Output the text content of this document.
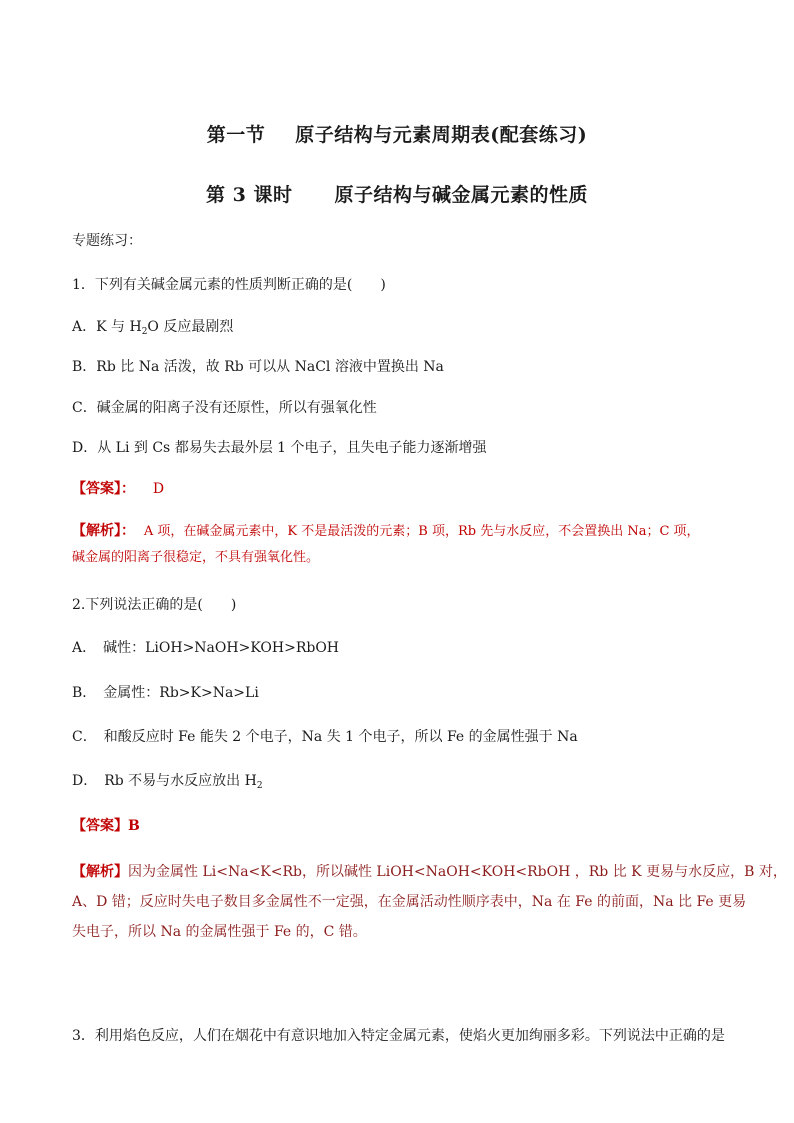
第一节 原子结构与元素周期表(配套练习)
第 3 课时 原子结构与碱金属元素的性质
专题练习：
1．下列有关碱金属元素的性质判断正确的是(　　)
A．K 与 $H_2O$ 反应最剧烈
B．Rb 比 Na 活泼，故 Rb 可以从 NaCl 溶液中置换出 Na
C．碱金属的阳离子没有还原性，所以有强氧化性
D．从 Li 到 Cs 都易失去最外层 1 个电子，且失电子能力逐渐增强
【答案】： D
【解析】： A 项，在碱金属元素中，K 不是最活泼的元素；B 项，Rb 先与水反应，不会置换出 Na；C 项，
碱金属的阳离子很稳定，不具有强氧化性。
2.下列说法正确的是(　　)
A．　碱性：LiOH>NaOH>KOH>RbOH
B．　金属性：Rb>K>Na>Li
C．　和酸反应时 Fe 能失 2 个电子，Na 失 1 个电子，所以 Fe 的金属性强于 Na
D．　Rb 不易与水反应放出 $H_2$
【答案】B
【解析】因为金属性 Li<Na<K<Rb，所以碱性 LiOH<NaOH<KOH<RbOH ，Rb 比 K 更易与水反应，B 对，
A、D 错；反应时失电子数目多金属性不一定强，在金属活动性顺序表中，Na 在 Fe 的前面，Na 比 Fe 更易
失电子，所以 Na 的金属性强于 Fe 的，C 错。
3．利用焰色反应，人们在烟花中有意识地加入特定金属元素，使焰火更加绚丽多彩。下列说法中正确的是
